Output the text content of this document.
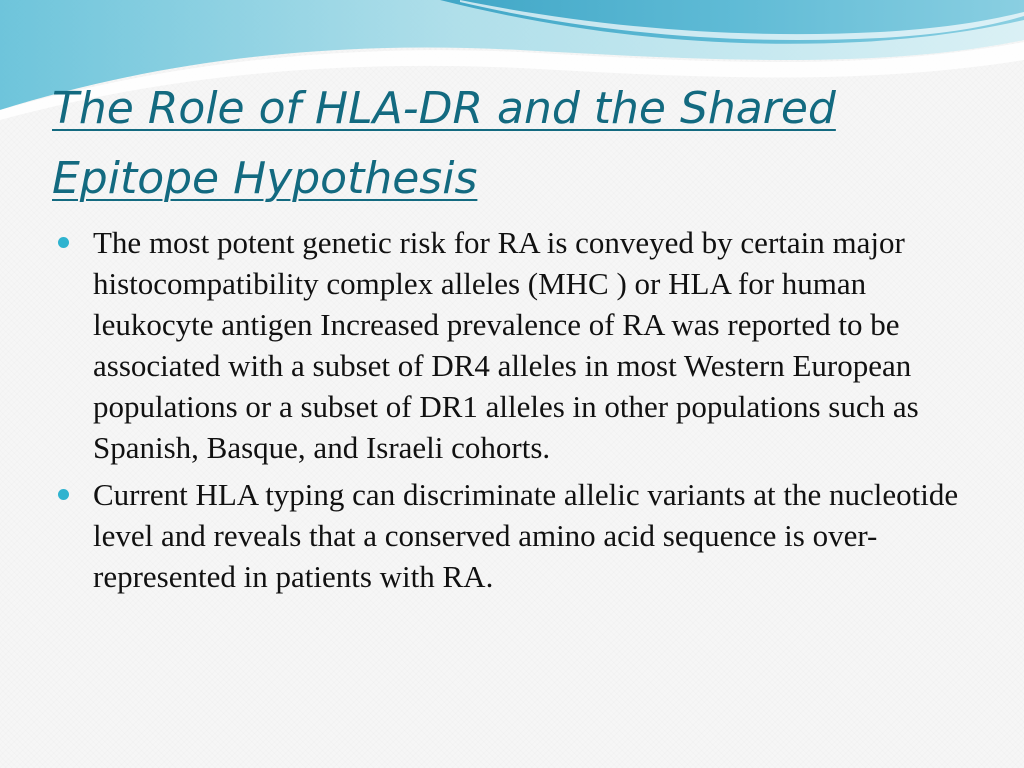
The Role of HLA-DR and the Shared
Epitope Hypothesis
The most potent genetic risk for RA is conveyed by certain major histocompatibility complex alleles (MHC ) or HLA for human leukocyte antigen Increased prevalence of RA was reported to be associated with a subset of DR4 alleles in most Western European populations or a subset of DR1 alleles in other populations such as Spanish, Basque, and Israeli cohorts.
Current HLA typing can discriminate allelic variants at the nucleotide level and reveals that a conserved amino acid sequence is over-represented in patients with RA.
